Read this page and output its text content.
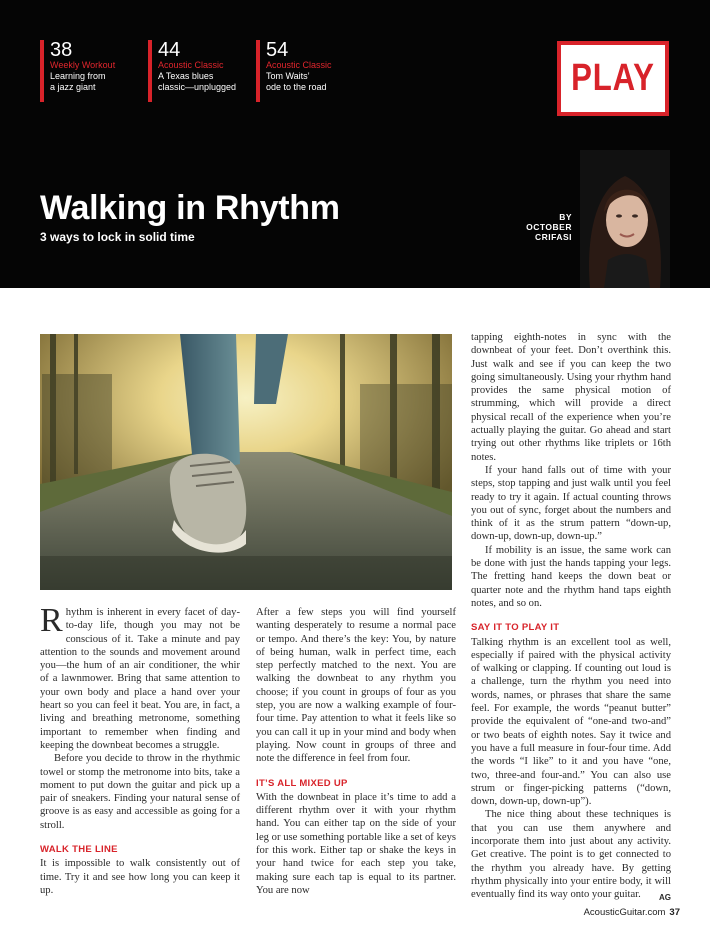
38
Weekly Workout
Learning from
a jazz giant
44
Acoustic Classic
A Texas blues
classic—unplugged
54
Acoustic Classic
Tom Waits’
ode to the road	PLAY
Walking in Rhythm
3 ways to lock in solid time
BY
OCTOBER
CRIFASI

Rhythm is inherent in every facet of day-to-day life, though you may not be conscious of it. Take a minute and pay attention to the sounds and movement around you—the hum of an air conditioner, the whir of a lawnmower. Bring that same attention to your own body and place a hand over your heart so you can feel it beat. You are, in fact, a living and breathing metronome, something important to remember when finding and keeping the downbeat becomes a struggle.

Before you decide to throw in the rhythmic towel or stomp the metronome into bits, take a moment to put down the guitar and pick up a pair of sneakers. Finding your natural sense of groove is as easy and accessible as going for a stroll.

WALK THE LINE

It is impossible to walk consistently out of time. Try it and see how long you can keep it up.

After a few steps you will find yourself wanting desperately to resume a normal pace or tempo. And there’s the key: You, by nature of being human, walk in perfect time, each step perfectly matched to the next. You are walking the downbeat to any rhythm you choose; if you count in groups of four as you step, you are now a walking example of four-four time. Pay attention to what it feels like so you can call it up in your mind and body when playing. Now count in groups of three and note the difference in feel from four.

IT’S ALL MIXED UP

With the downbeat in place it’s time to add a different rhythm over it with your rhythm hand. You can either tap on the side of your leg or use something portable like a set of keys for this work. Either tap or shake the keys in your hand twice for each step you take, making sure each tap is equal to its partner. You are now

tapping eighth-notes in sync with the downbeat of your feet. Don’t overthink this. Just walk and see if you can keep the two going simultaneously. Using your rhythm hand provides the same physical motion of strumming, which will provide a direct physical recall of the experience when you’re actually playing the guitar. Go ahead and start trying out other rhythms like triplets or 16th notes.

If your hand falls out of time with your steps, stop tapping and just walk until you feel ready to try it again. If actual counting throws you out of sync, forget about the numbers and think of it as the strum pattern “down-up, down-up, down-up, down-up.”

If mobility is an issue, the same work can be done with just the hands tapping your legs. The fretting hand keeps the down beat or quarter note and the rhythm hand taps eighth notes, and so on.

SAY IT TO PLAY IT

Talking rhythm is an excellent tool as well, especially if paired with the physical activity of walking or clapping. If counting out loud is a challenge, turn the rhythm you need into words, names, or phrases that share the same feel. For example, the words “peanut butter” provide the equivalent of “one-and two-and” or two beats of eighth notes. Say it twice and you have a full measure in four-four time. Add the words “I like” to it and you have “one, two, three-and four-and.” You can also use strum or finger-picking patterns (“down, down, down-up, down-up”).

The nice thing about these techniques is that you can use them anywhere and incorporate them into just about any activity. Get creative. The point is to get connected to the rhythm you already have. By getting rhythm physically into your entire body, it will eventually find its way onto your guitar.	AG

AcousticGuitar.com 37
